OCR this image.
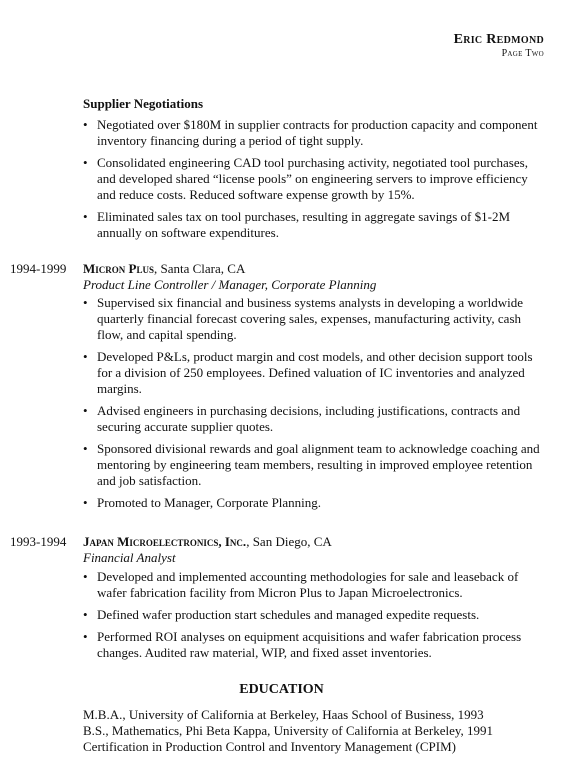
Eric Redmond
Page Two
Supplier Negotiations
• Negotiated over $180M in supplier contracts for production capacity and component inventory financing during a period of tight supply.
• Consolidated engineering CAD tool purchasing activity, negotiated tool purchases, and developed shared “license pools” on engineering servers to improve efficiency and reduce costs. Reduced software expense growth by 15%.
• Eliminated sales tax on tool purchases, resulting in aggregate savings of $1-2M annually on software expenditures.
1994-1999 Micron Plus, Santa Clara, CA
Product Line Controller / Manager, Corporate Planning
• Supervised six financial and business systems analysts in developing a worldwide quarterly financial forecast covering sales, expenses, manufacturing activity, cash flow, and capital spending.
• Developed P&Ls, product margin and cost models, and other decision support tools for a division of 250 employees. Defined valuation of IC inventories and analyzed margins.
• Advised engineers in purchasing decisions, including justifications, contracts and securing accurate supplier quotes.
• Sponsored divisional rewards and goal alignment team to acknowledge coaching and mentoring by engineering team members, resulting in improved employee retention and job satisfaction.
• Promoted to Manager, Corporate Planning.
1993-1994 Japan Microelectronics, Inc., San Diego, CA
Financial Analyst
• Developed and implemented accounting methodologies for sale and leaseback of wafer fabrication facility from Micron Plus to Japan Microelectronics.
• Defined wafer production start schedules and managed expedite requests.
• Performed ROI analyses on equipment acquisitions and wafer fabrication process changes. Audited raw material, WIP, and fixed asset inventories.
EDUCATION
M.B.A., University of California at Berkeley, Haas School of Business, 1993
B.S., Mathematics, Phi Beta Kappa, University of California at Berkeley, 1991
Certification in Production Control and Inventory Management (CPIM)
